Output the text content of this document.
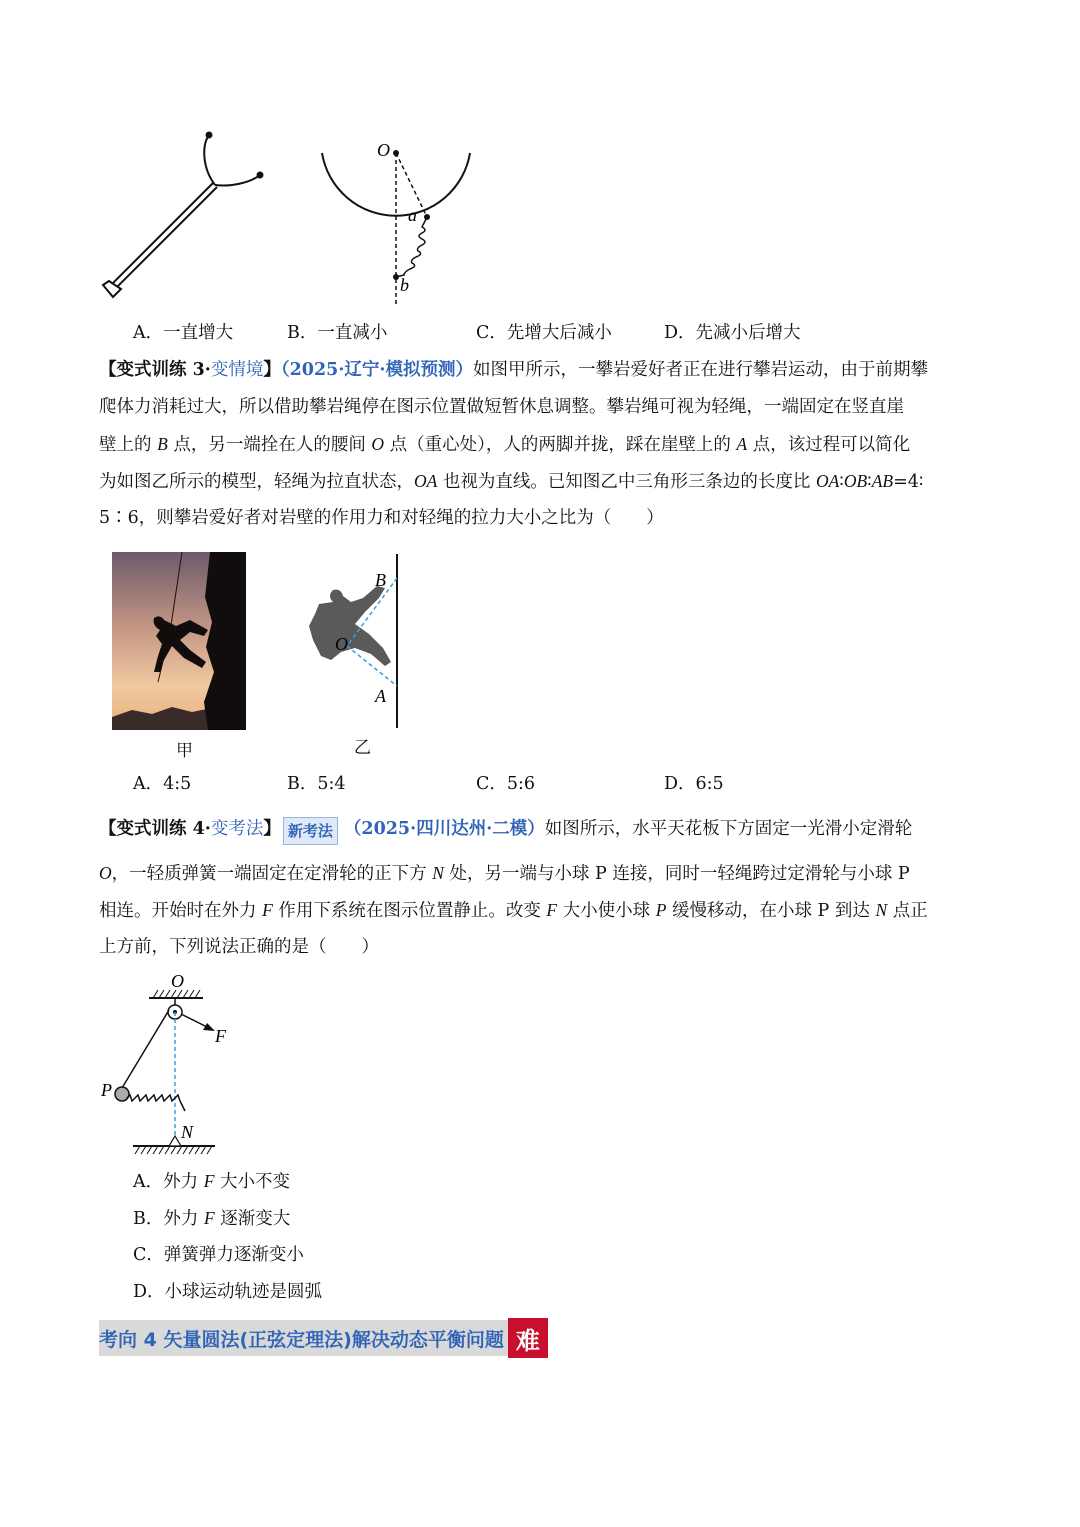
O
a
b
A．一直增大	B．一直减小	C．先增大后减小	D．先减小后增大
【变式训练 3·变情境】（2025·辽宁·模拟预测）如图甲所示，一攀岩爱好者正在进行攀岩运动，由于前期攀
爬体力消耗过大，所以借助攀岩绳停在图示位置做短暂休息调整。攀岩绳可视为轻绳，一端固定在竖直崖
壁上的 B 点，另一端拴在人的腰间 O 点（重心处），人的两脚并拢，踩在崖壁上的 A 点，该过程可以简化
为如图乙所示的模型，轻绳为拉直状态，OA 也视为直线。已知图乙中三角形三条边的长度比 OA∶OB∶AB=4∶
5∶6，则攀岩爱好者对岩壁的作用力和对轻绳的拉力大小之比为（　　）
甲
B
O
A
乙
A．4:5	B．5:4	C．5:6	D．6:5
【变式训练 4·变考法】 新考法 （2025·四川达州·二模）如图所示，水平天花板下方固定一光滑小定滑轮
O，一轻质弹簧一端固定在定滑轮的正下方 N 处，另一端与小球 P 连接，同时一轻绳跨过定滑轮与小球 P
相连。开始时在外力 F 作用下系统在图示位置静止。改变 F 大小使小球 P 缓慢移动，在小球 P 到达 N 点正
上方前，下列说法正确的是（　　）
O
F
P
N
A．外力 F 大小不变
B．外力 F 逐渐变大
C．弹簧弹力逐渐变小
D．小球运动轨迹是圆弧
考向 4 矢量圆法(正弦定理法)解决动态平衡问题 难
